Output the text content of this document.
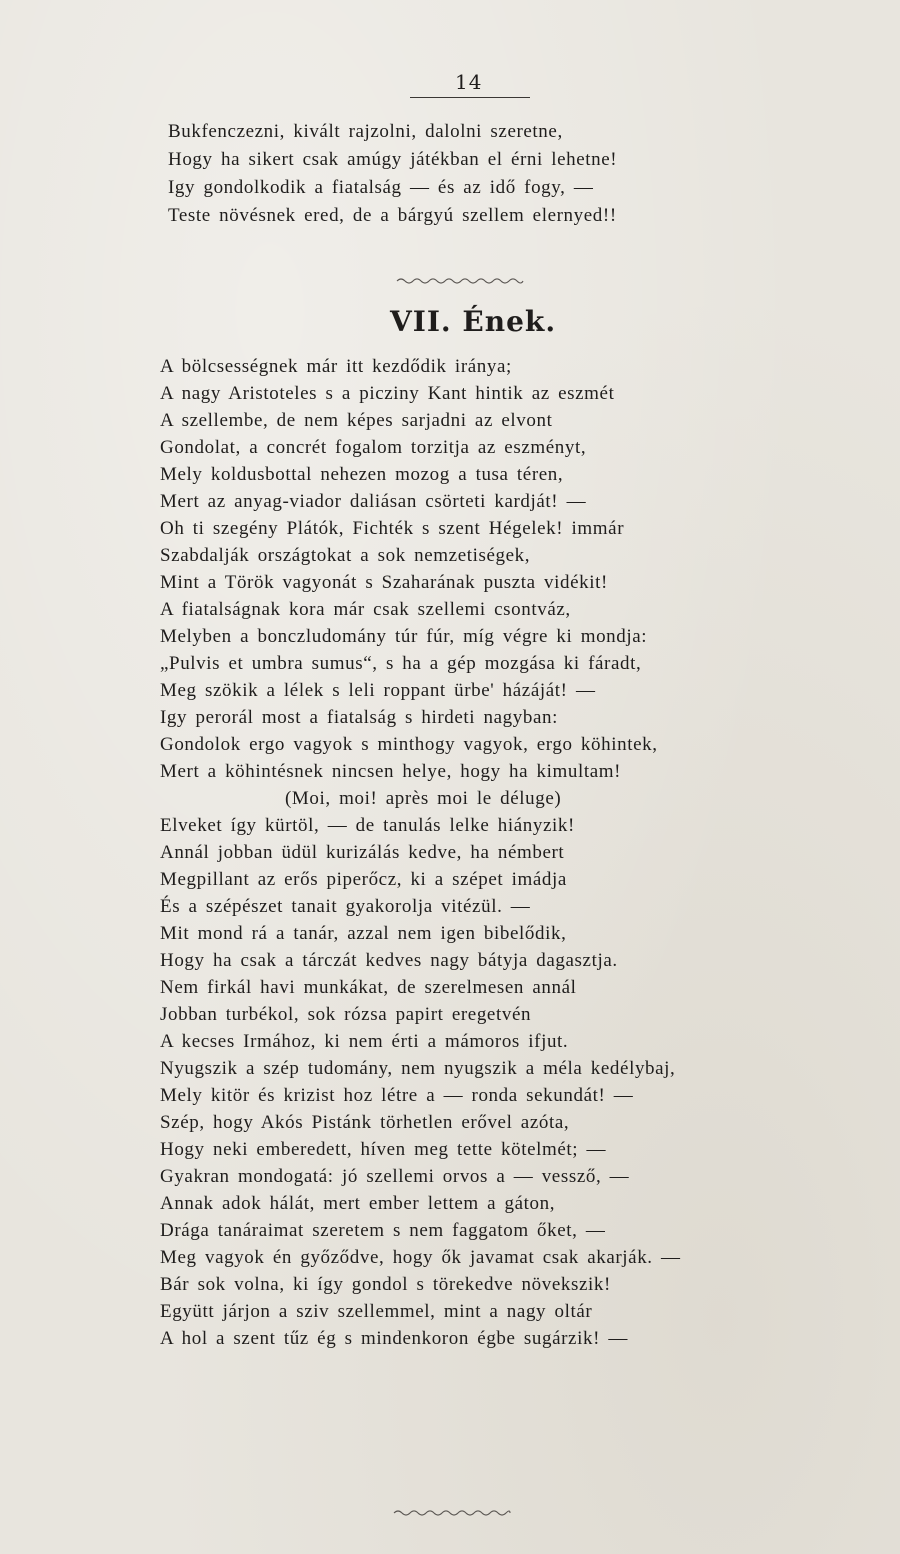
14
Bukfenczezni, kivált rajzolni, dalolni szeretne,
Hogy ha sikert csak amúgy játékban el érni lehetne!
Igy gondolkodik a fiatalság — és az idő fogy, —
Teste növésnek ered, de a bárgyú szellem elernyed!!
VII. Ének.
A bölcsességnek már itt kezdődik iránya;
A nagy Aristoteles s a piczinу Kant hintik az eszmét
A szellembe, de nem képes sarjadni az elvont
Gondolat, a concrét fogalom torzitja az eszményt,
Mely koldusbottal nehezen mozog a tusa téren,
Mert az anyag-viador daliásan csörteti kardját! —
Oh ti szegény Plátók, Fichték s szent Hégelek! immár
Szabdalják országtokat a sok nemzetiségek,
Mint a Török vagyonát s Szaharának puszta vidékit!
A fiatalságnak kora már csak szellemi csontváz,
Melyben a bonczludomány túr fúr, míg végre ki mondja:
„Pulvis et umbra sumus“, s ha a gép mozgása ki fáradt,
Meg szökik a lélek s leli roppant ürbe' házáját! —
Igy perorál most a fiatalság s hirdeti nagyban:
Gondolok ergo vagyok s minthogy vagyok, ergo köhintek,
Mert a köhintésnek nincsen helye, hogy ha kimultam!
(Moi, moi! après moi le déluge)
Elveket így kürtöl, — de tanulás lelke hiányzik!
Annál jobban üdül kurizálás kedve, ha némbert
Megpillant az erős piperőcz, ki a szépet imádja
És a szépészet tanait gyakorolja vitézül. —
Mit mond rá a tanár, azzal nem igen bibelődik,
Hogy ha csak a tárczát kedves nagy bátyja dagasztja.
Nem firkál havi munkákat, de szerelmesen annál
Jobban turbékol, sok rózsa papirt eregetvén
A kecses Irmához, ki nem érti a mámoros ifjut.
Nyugszik a szép tudomány, nem nyugszik a méla kedélybaj,
Mely kitör és krizist hoz létre a — ronda sekundát! —
Szép, hogy Akós Pistánk törhetlen erővel azóta,
Hogy neki emberedett, híven meg tette kötelmét; —
Gyakran mondogatá: jó szellemi orvos a — vessző, —
Annak adok hálát, mert ember lettem a gáton,
Drága tanáraimat szeretem s nem faggatom őket, —
Meg vagyok én győződve, hogy ők javamat csak akarják. —
Bár sok volna, ki így gondol s törekedve növekszik!
Együtt járjon a sziv szellemmel, mint a nagy oltár
A hol a szent tűz ég s mindenkoron égbe sugárzik! —
